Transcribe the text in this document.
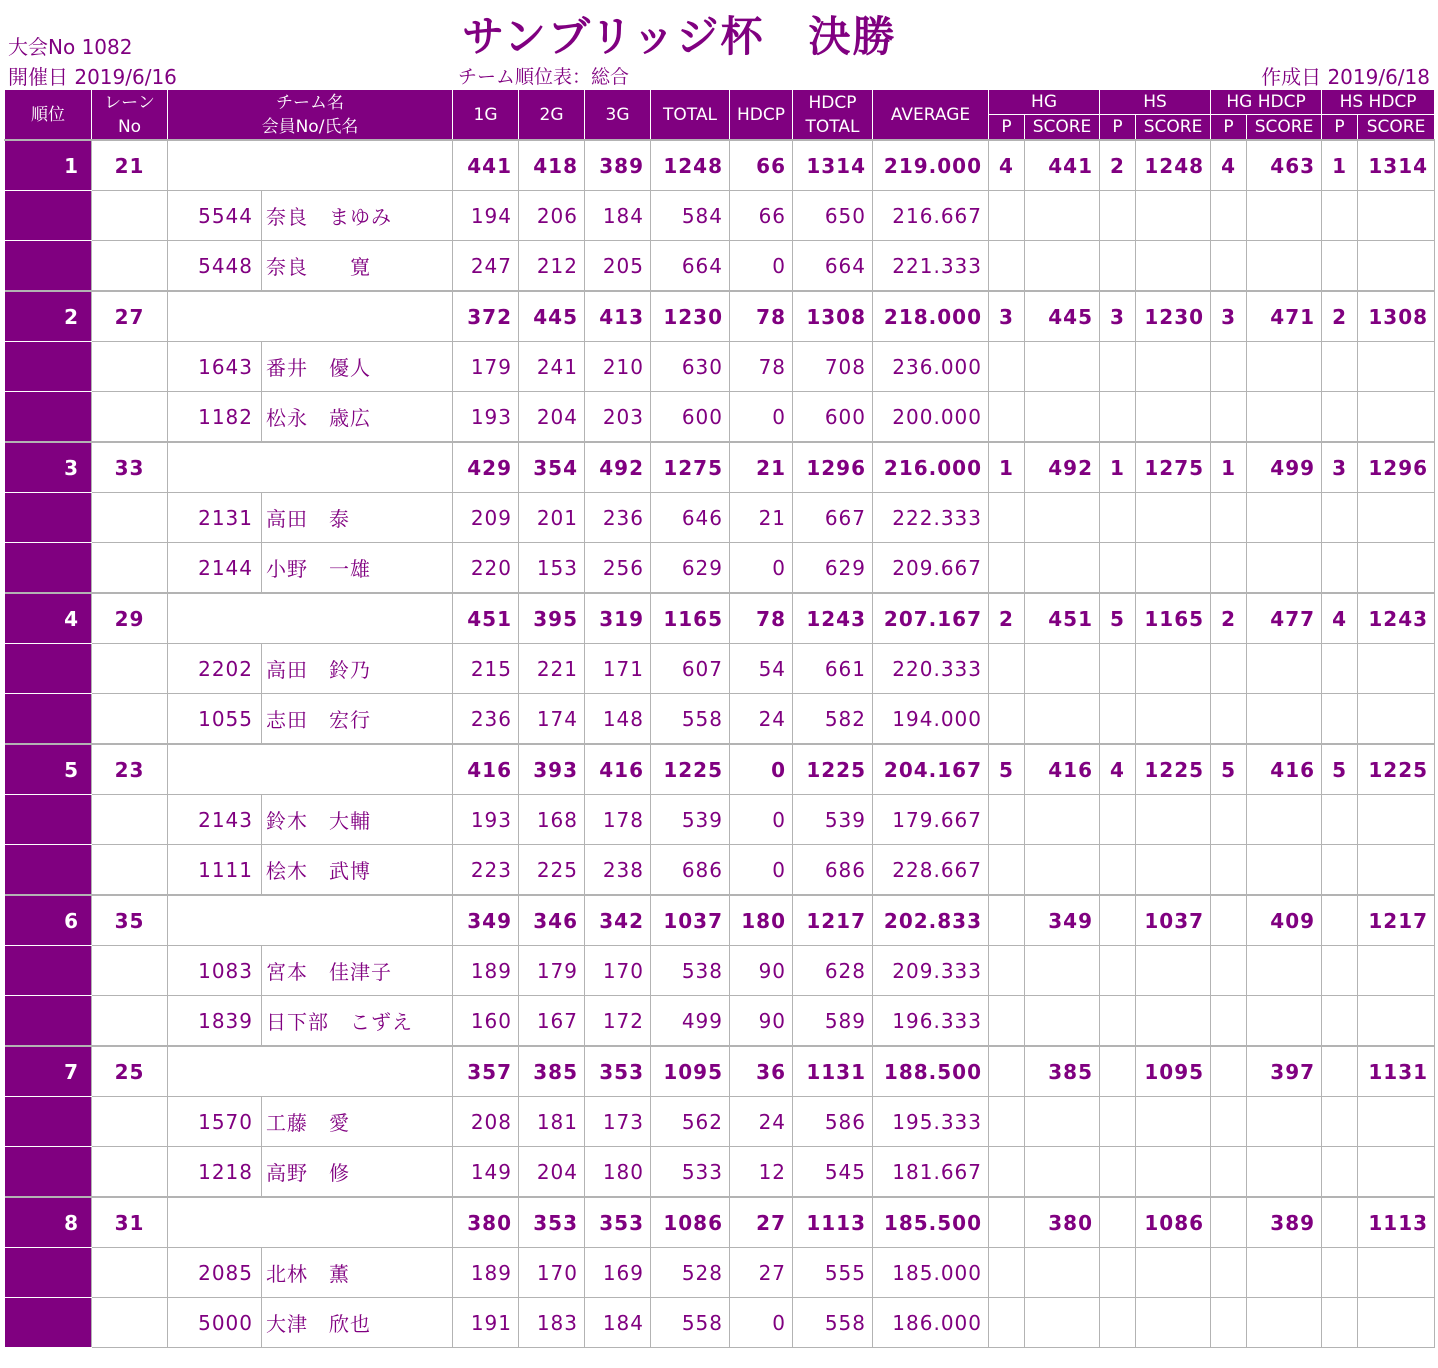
大会No 1082
開催日 2019/6/16
サンブリッジ杯　決勝
チーム順位表：総合	作成日 2019/6/18
順位	レーン
No	チーム名
会員No/氏名		1G	2G	3G	TOTAL	HDCP	HDCP
TOTAL	AVERAGE	HG		HS		HG HDCP		HS HDCP	
											P	SCORE	P	SCORE	P	SCORE	P	SCORE
1	21			441	418	389	1248	66	1314	219.000	4	441	2	1248	4	463	1	1314
		5544	奈良　まゆみ	194	206	184	584	66	650	216.667								
		5448	奈良　　寛	247	212	205	664	0	664	221.333								
2	27			372	445	413	1230	78	1308	218.000	3	445	3	1230	3	471	2	1308
		1643	番井　優人	179	241	210	630	78	708	236.000								
		1182	松永　歳広	193	204	203	600	0	600	200.000								
3	33			429	354	492	1275	21	1296	216.000	1	492	1	1275	1	499	3	1296
		2131	高田　泰	209	201	236	646	21	667	222.333								
		2144	小野　一雄	220	153	256	629	0	629	209.667								
4	29			451	395	319	1165	78	1243	207.167	2	451	5	1165	2	477	4	1243
		2202	高田　鈴乃	215	221	171	607	54	661	220.333								
		1055	志田　宏行	236	174	148	558	24	582	194.000								
5	23			416	393	416	1225	0	1225	204.167	5	416	4	1225	5	416	5	1225
		2143	鈴木　大輔	193	168	178	539	0	539	179.667								
		1111	桧木　武博	223	225	238	686	0	686	228.667								
6	35			349	346	342	1037	180	1217	202.833		349		1037		409		1217
		1083	宮本　佳津子	189	179	170	538	90	628	209.333								
		1839	日下部　こずえ	160	167	172	499	90	589	196.333								
7	25			357	385	353	1095	36	1131	188.500		385		1095		397		1131
		1570	工藤　愛	208	181	173	562	24	586	195.333								
		1218	高野　修	149	204	180	533	12	545	181.667								
8	31			380	353	353	1086	27	1113	185.500		380		1086		389		1113
		2085	北林　薫	189	170	169	528	27	555	185.000								
		5000	大津　欣也	191	183	184	558	0	558	186.000								
